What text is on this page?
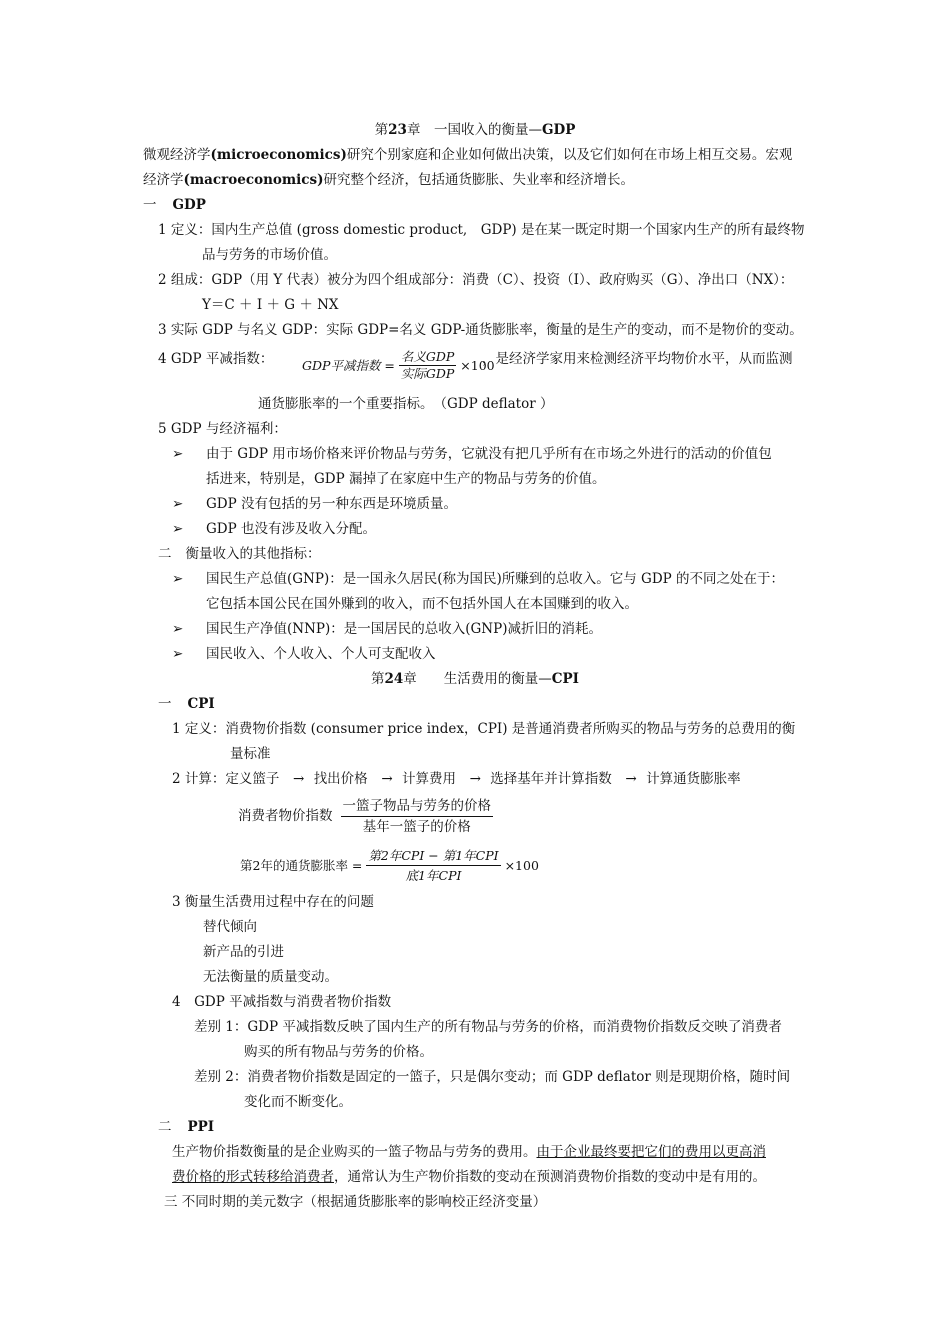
第23章　一国收入的衡量—GDP
微观经济学(microeconomics)研究个别家庭和企业如何做出决策，以及它们如何在市场上相互交易。宏观
经济学(macroeconomics)研究整个经济，包括通货膨胀、失业率和经济增长。
一 GDP
1 定义：国内生产总值 (gross domestic product,　GDP) 是在某一既定时期一个国家内生产的所有最终物
品与劳务的市场价值。
2 组成：GDP（用 Y 代表）被分为四个组成部分：消费（C）、投资（I）、政府购买（G）、净出口（NX）：
Y＝C ＋ I ＋ G ＋ NX
3 实际 GDP 与名义 GDP：实际 GDP=名义 GDP-通货膨胀率，衡量的是生产的变动，而不是物价的变动。
4 GDP 平减指数： GDP平减指数 = $\frac{\text{名义GDP}}{\text{实际GDP}} \times 100$
，是经济学家用来检测经济平均物价水平，从而监测
通货膨胀率的一个重要指标。　（GDP deflator ）
5 GDP 与经济福利：
➢ 由于 GDP 用市场价格来评价物品与劳务，它就没有把几乎所有在市场之外进行的活动的价值包
括进来，特别是，GDP 漏掉了在家庭中生产的物品与劳务的价值。
➢ GDP 没有包括的另一种东西是环境质量。
➢ GDP 也没有涉及收入分配。
二 衡量收入的其他指标：
➢ 国民生产总值(GNP)：是一国永久居民(称为国民)所赚到的总收入。它与 GDP 的不同之处在于：
它包括本国公民在国外赚到的收入，而不包括外国人在本国赚到的收入。
➢ 国民生产净值(NNP)：是一国居民的总收入(GNP)减折旧的消耗。
➢ 国民收入、个人收入、个人可支配收入
第24章　　生活费用的衡量—CPI
一 CPI
1 定义：消费物价指数 (consumer price index，CPI) 是普通消费者所购买的物品与劳务的总费用的衡
量标准
2 计算：定义篮子 → 找出价格 → 计算费用 → 选择基年并计算指数 → 计算通货膨胀率
消费者物价指数 $\frac{\text{一篮子物品与劳务的价格}}{\text{基年一篮子的价格}}$
第2年的通货膨胀率 = $\frac{\text{第2年CPI − 第1年CPI}}{\text{底1年CPI}} \times 100$
3 衡量生活费用过程中存在的问题
替代倾向
新产品的引进
无法衡量的质量变动。
4　GDP 平减指数与消费者物价指数
差别 1：GDP 平减指数反映了国内生产的所有物品与劳务的价格，而消费物价指数反交映了消费者
购买的所有物品与劳务的价格。
差别 2：消费者物价指数是固定的一篮子，只是偶尔变动；而 GDP deflator 则是现期价格，随时间
变化而不断变化。
二 PPI
生产物价指数衡量的是企业购买的一篮子物品与劳务的费用。由于企业最终要把它们的费用以更高消
费价格的形式转移给消费者，通常认为生产物价指数的变动在预测消费物价指数的变动中是有用的。
三 不同时期的美元数字（根据通货膨胀率的影响校正经济变量）
